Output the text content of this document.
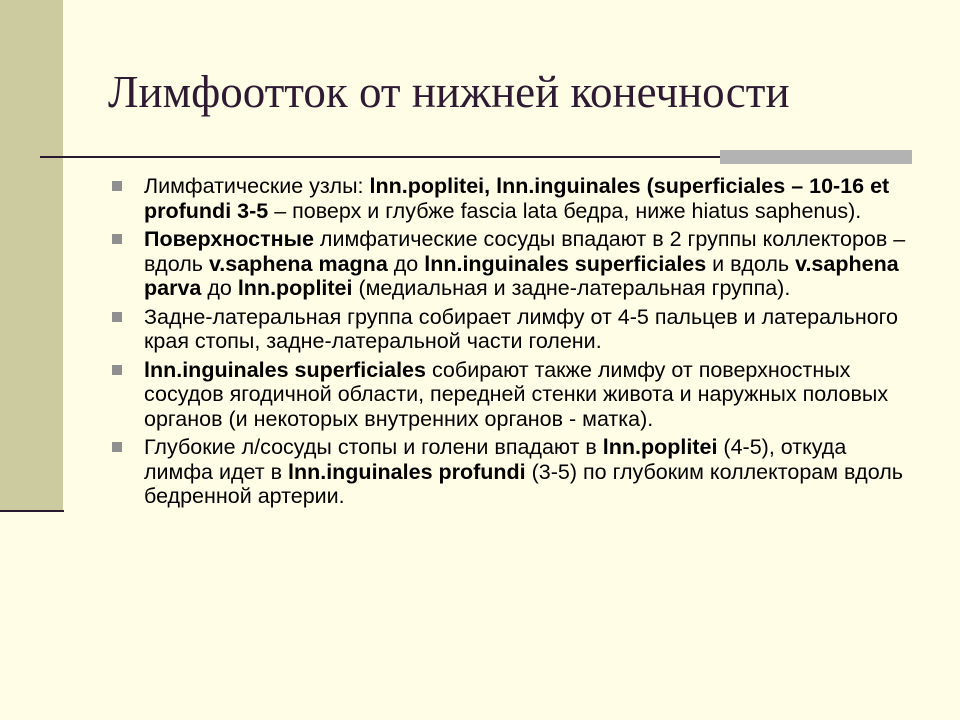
Лимфоотток от нижней конечности
Лимфатические узлы: lnn.poplitei, lnn.inguinales (superficiales – 10-16 et profundi 3-5 – поверх и глубже fascia lata бедра, ниже hiatus saphenus).
Поверхностные лимфатические сосуды впадают в 2 группы коллекторов – вдоль v.saphena magna до lnn.inguinales superficiales и вдоль v.saphena parva до lnn.poplitei (медиальная и задне-латеральная группа).
Задне-латеральная группа собирает лимфу от 4-5 пальцев и латерального края стопы, задне-латеральной части голени.
lnn.inguinales superficiales собирают также лимфу от поверхностных сосудов ягодичной области, передней стенки живота и наружных половых органов (и некоторых внутренних органов - матка).
Глубокие л/сосуды стопы и голени впадают в lnn.poplitei (4-5), откуда лимфа идет в lnn.inguinales profundi (3-5) по глубоким коллекторам вдоль бедренной артерии.
